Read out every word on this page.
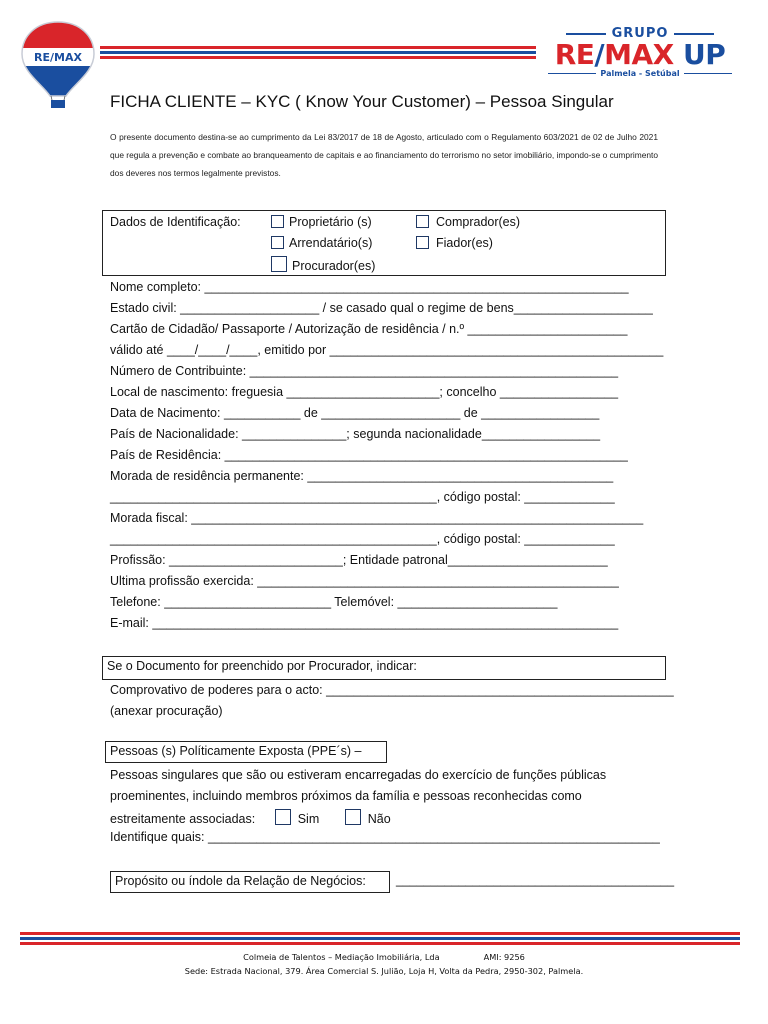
RE/MAX
GRUPO
RE/MAX UP
Palmela - Setúbal
FICHA CLIENTE – KYC ( Know Your Customer) – Pessoa Singular
O presente documento destina-se ao cumprimento da Lei 83/2017 de 18 de Agosto, articulado com o Regulamento 603/2021 de 02 de Julho 2021 que regula a prevenção e combate ao branqueamento de capitais e ao financiamento do terrorismo no setor imobiliário, impondo-se o cumprimento dos deveres nos termos legalmente previstos.
Dados de Identificação:	Proprietário (s)	Comprador(es)
Arrendatário(s)	Fiador(es)
Procurador(es)
Nome completo: _____________________________________________________________
Estado civil: ____________________ / se casado qual o regime de bens____________________
Cartão de Cidadão/ Passaporte / Autorização de residência / n.º _______________________
válido até ____/____/____, emitido por ________________________________________________
Número de Contribuinte: _____________________________________________________
Local de nascimento: freguesia ______________________; concelho _________________
Data de Nacimento: ___________ de ____________________ de _________________
País de Nacionalidade: _______________; segunda nacionalidade_________________
País de Residência: __________________________________________________________
Morada de residência permanente: ____________________________________________
_______________________________________________, código postal: _____________
Morada fiscal: _________________________________________________________________
_______________________________________________, código postal: _____________
Profissão: _________________________; Entidade patronal_______________________
Ultima profissão exercida: ____________________________________________________
Telefone: ________________________ Telemóvel: _______________________
E-mail: ___________________________________________________________________
Se o Documento for preenchido por Procurador, indicar:
Comprovativo de poderes para o acto: __________________________________________________
(anexar procuração)
Pessoas (s) Políticamente Exposta (PPE´s) –
Pessoas singulares que são ou estiveram encarregadas do exercício de funções públicas proeminentes, incluindo membros próximos da família e pessoas reconhecidas como
estreitamente associadas:	Sim	Não
Identifique quais: _________________________________________________________________
Propósito ou índole da Relação de Negócios:	________________________________________
Colmeia de Talentos – Mediação Imobiliária, Lda	AMI: 9256
Sede: Estrada Nacional, 379. Área Comercial S. Julião, Loja H, Volta da Pedra, 2950-302, Palmela.
